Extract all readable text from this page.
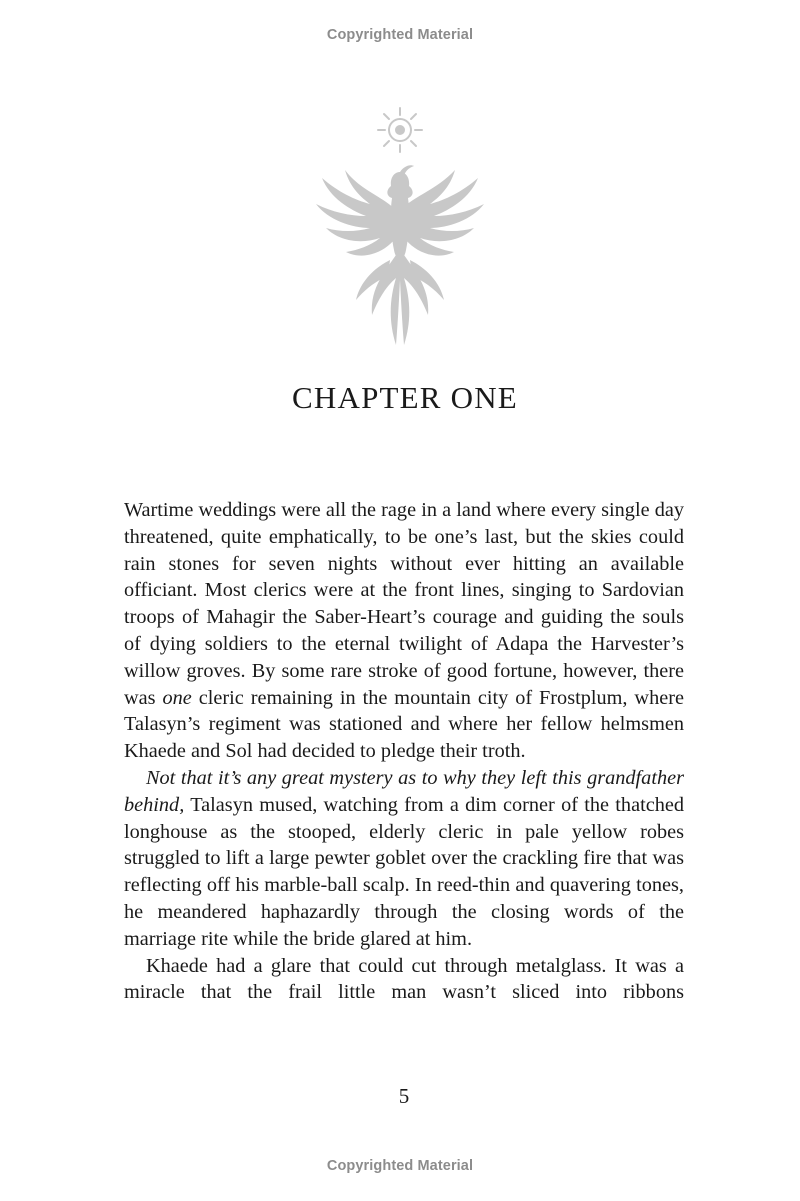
Copyrighted Material
CHAPTER ONE

Wartime weddings were all the rage in a land where every single day threatened, quite emphatically, to be one’s last, but the skies could rain stones for seven nights without ever hitting an available officiant. Most clerics were at the front lines, singing to Sardovian troops of Mahagir the Saber-Heart’s courage and guiding the souls of dying soldiers to the eternal twilight of Adapa the Harvester’s willow groves. By some rare stroke of good fortune, however, there was one cleric remaining in the mountain city of Frostplum, where Talasyn’s regiment was stationed and where her fellow helmsmen Khaede and Sol had decided to pledge their troth.

Not that it’s any great mystery as to why they left this grandfather behind, Talasyn mused, watching from a dim corner of the thatched longhouse as the stooped, elderly cleric in pale yellow robes struggled to lift a large pewter goblet over the crackling fire that was reflecting off his marble-ball scalp. In reed-thin and quavering tones, he meandered haphazardly through the closing words of the marriage rite while the bride glared at him.

Khaede had a glare that could cut through metalglass. It was a miracle that the frail little man wasn’t sliced into ribbons

5
Copyrighted Material
